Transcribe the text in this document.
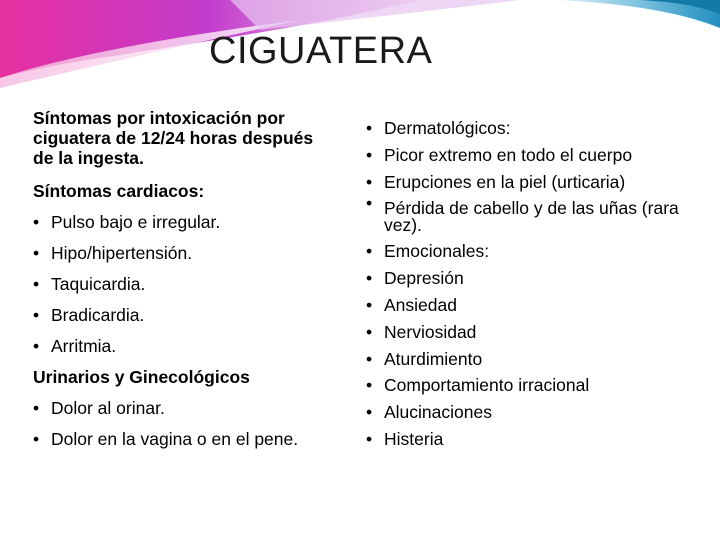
CIGUATERA
Síntomas por intoxicación por ciguatera de 12/24 horas después de la ingesta.
Síntomas cardiacos:
• Pulso bajo e irregular.
• Hipo/hipertensión.
• Taquicardia.
• Bradicardia.
• Arritmia.
Urinarios y Ginecológicos
• Dolor al orinar.
• Dolor en la vagina o en el pene.
• Dermatológicos:
• Picor extremo en todo el cuerpo
• Erupciones en la piel (urticaria)
• Pérdida de cabello y de las uñas (rara vez).
• Emocionales:
• Depresión
• Ansiedad
• Nerviosidad
• Aturdimiento
• Comportamiento irracional
• Alucinaciones
• Histeria
